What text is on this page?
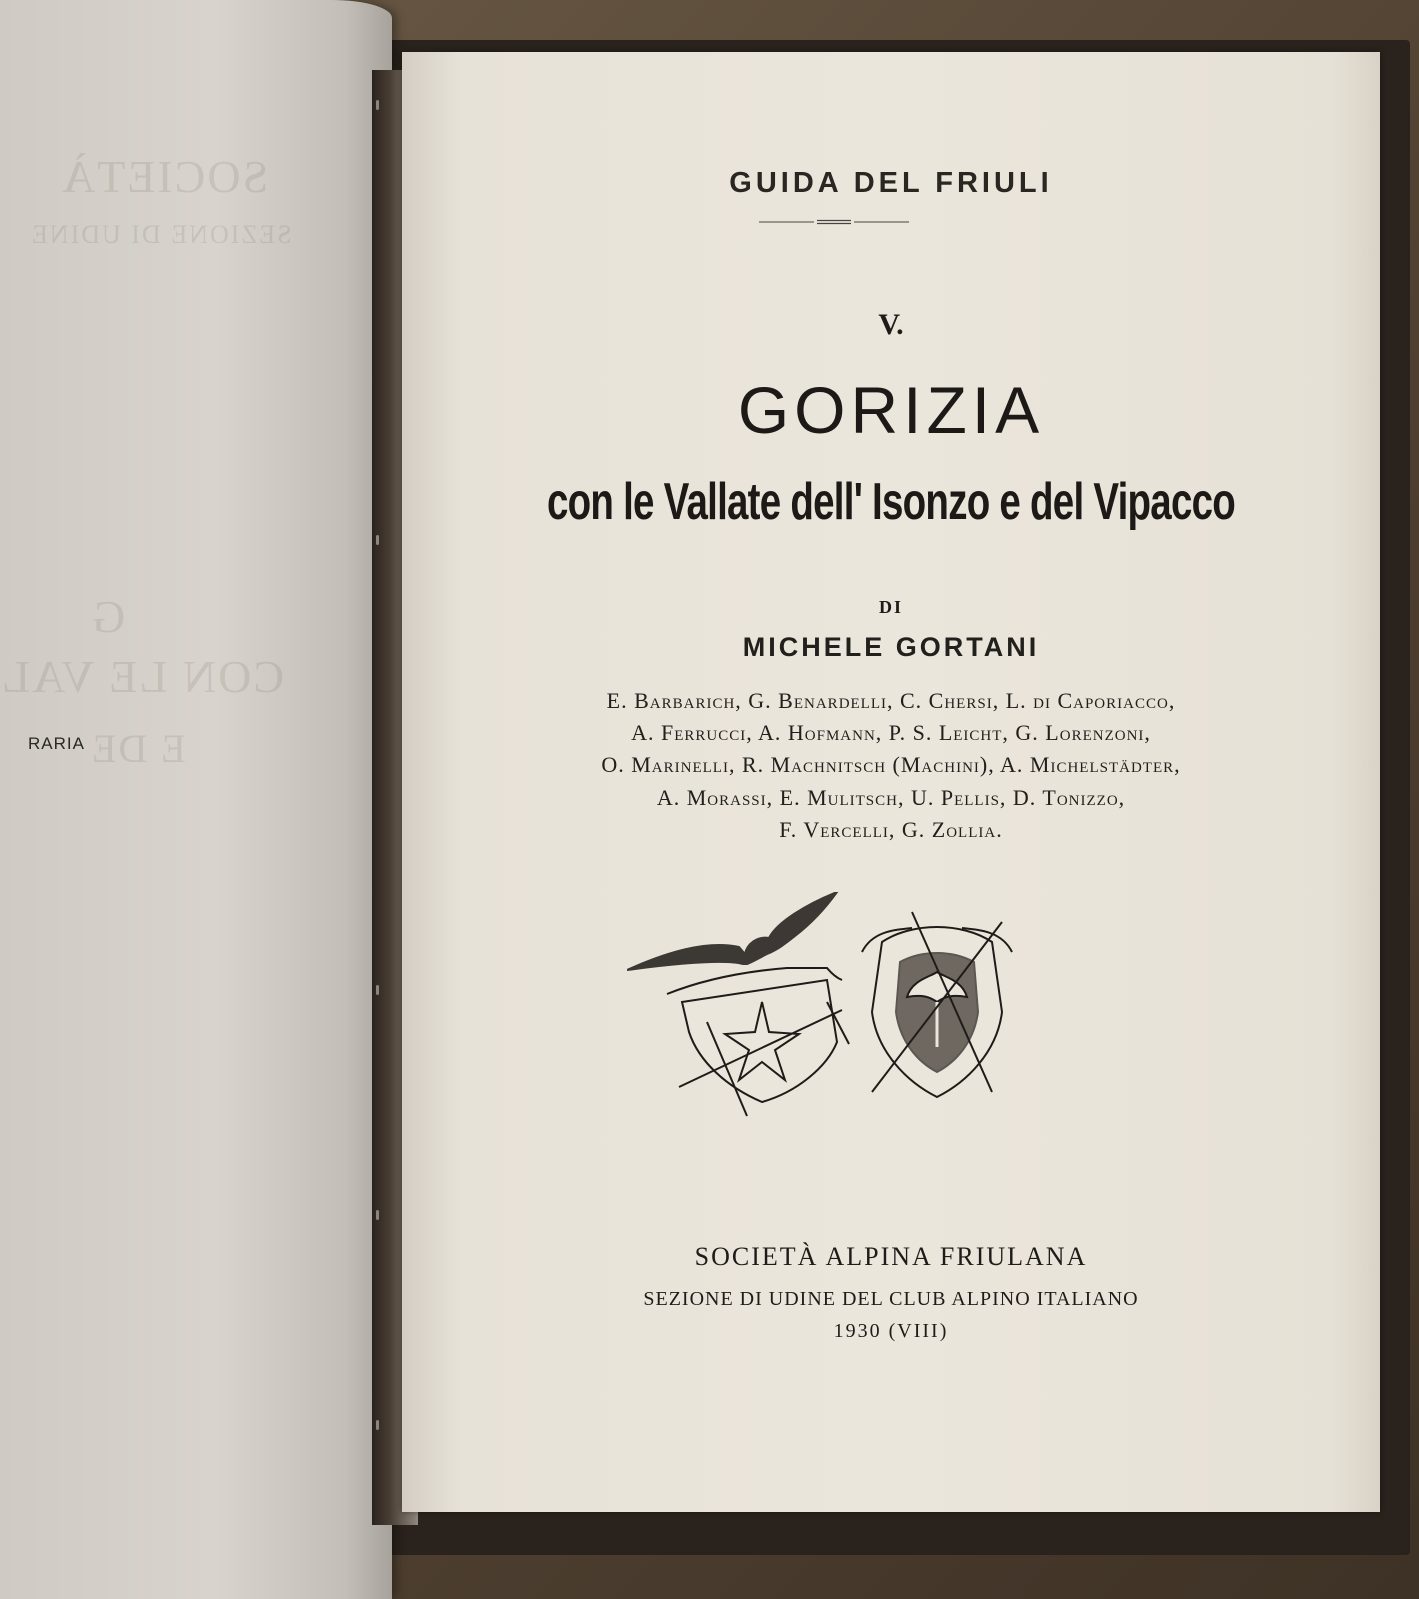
SOCIETÀ
SEZIONE DI UDINE
G
CON LE VAL
E DE
RARIA
GUIDA DEL FRIULI
V.
GORIZIA
con le Vallate dell' Isonzo e del Vipacco
DI
MICHELE GORTANI
E. Barbarich, G. Benardelli, C. Chersi, L. di Caporiacco,
A. Ferrucci, A. Hofmann, P. S. Leicht, G. Lorenzoni,
O. Marinelli, R. Machnitsch (Machini), A. Michelstädter,
A. Morassi, E. Mulitsch, U. Pellis, D. Tonizzo,
F. Vercelli, G. Zollia.
SOCIETÀ ALPINA FRIULANA
SEZIONE DI UDINE DEL CLUB ALPINO ITALIANO
1930 (VIII)
